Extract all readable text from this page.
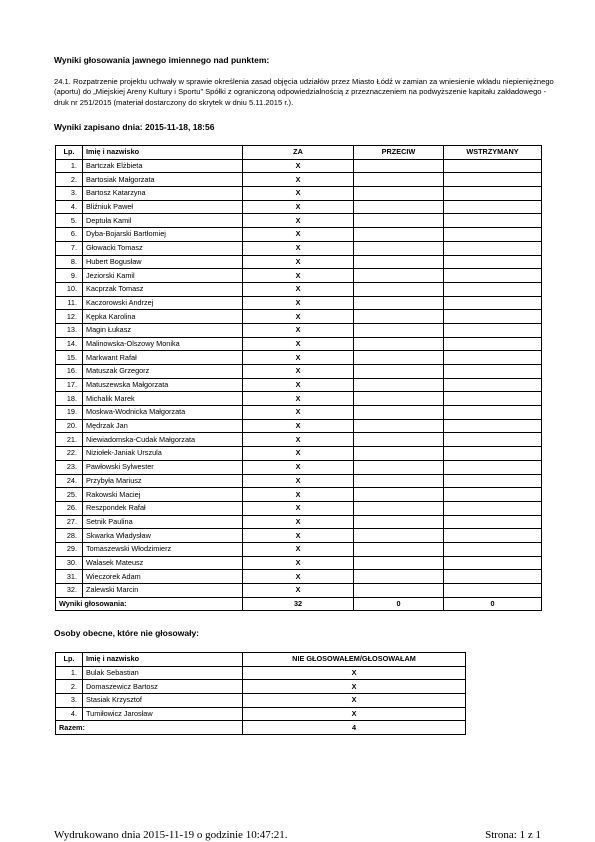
Wyniki głosowania jawnego imiennego nad punktem:
24.1. Rozpatrzenie projektu uchwały w sprawie określenia zasad objęcia udziałów przez Miasto Łódź w zamian za wniesienie wkładu niepieniężnego (aportu) do „Miejskiej Areny Kultury i Sportu” Spółki z ograniczoną odpowiedzialnością z przeznaczeniem na podwyższenie kapitału zakładowego - druk nr 251/2015 (materiał dostarczony do skrytek w dniu 5.11.2015 r.).
Wyniki zapisano dnia: 2015-11-18, 18:56
Lp.	Imię i nazwisko	ZA	PRZECIW	WSTRZYMANY
1.	Bartczak Elżbieta	X		
2.	Bartosiak Małgorzata	X		
3.	Bartosz Katarzyna	X		
4.	Bliźniuk Paweł	X		
5.	Deptuła Kamil	X		
6.	Dyba-Bojarski Bartłomiej	X		
7.	Głowacki Tomasz	X		
8.	Hubert Bogusław	X		
9.	Jeziorski Kamil	X		
10.	Kacprzak Tomasz	X		
11.	Kaczorowski Andrzej	X		
12.	Kępka Karolina	X		
13.	Magin Łukasz	X		
14.	Malinowska-Olszowy Monika	X		
15.	Markwant Rafał	X		
16.	Matuszak Grzegorz	X		
17.	Matuszewska Małgorzata	X		
18.	Michalik Marek	X		
19.	Moskwa-Wodnicka Małgorzata	X		
20.	Mędrzak Jan	X		
21.	Niewiadomska-Cudak Małgorzata	X		
22.	Niziołek-Janiak Urszula	X		
23.	Pawłowski Sylwester	X		
24.	Przybyła Mariusz	X		
25.	Rakowski Maciej	X		
26.	Reszpondek Rafał	X		
27.	Setnik Paulina	X		
28.	Skwarka Władysław	X		
29.	Tomaszewski Włodzimierz	X		
30.	Walasek Mateusz	X		
31.	Wieczorek Adam	X		
32.	Zalewski Marcin	X		
Wyniki głosowania:		32	0	0
Osoby obecne, które nie głosowały:
Lp.	Imię i nazwisko	NIE GŁOSOWAŁEM/GŁOSOWAŁAM
1.	Bulak Sebastian	X
2.	Domaszewicz Bartosz	X
3.	Stasiak Krzysztof	X
4.	Tumiłowicz Jarosław	X
Razem:		4
Wydrukowano dnia 2015-11-19 o godzinie 10:47:21.	Strona: 1 z 1
